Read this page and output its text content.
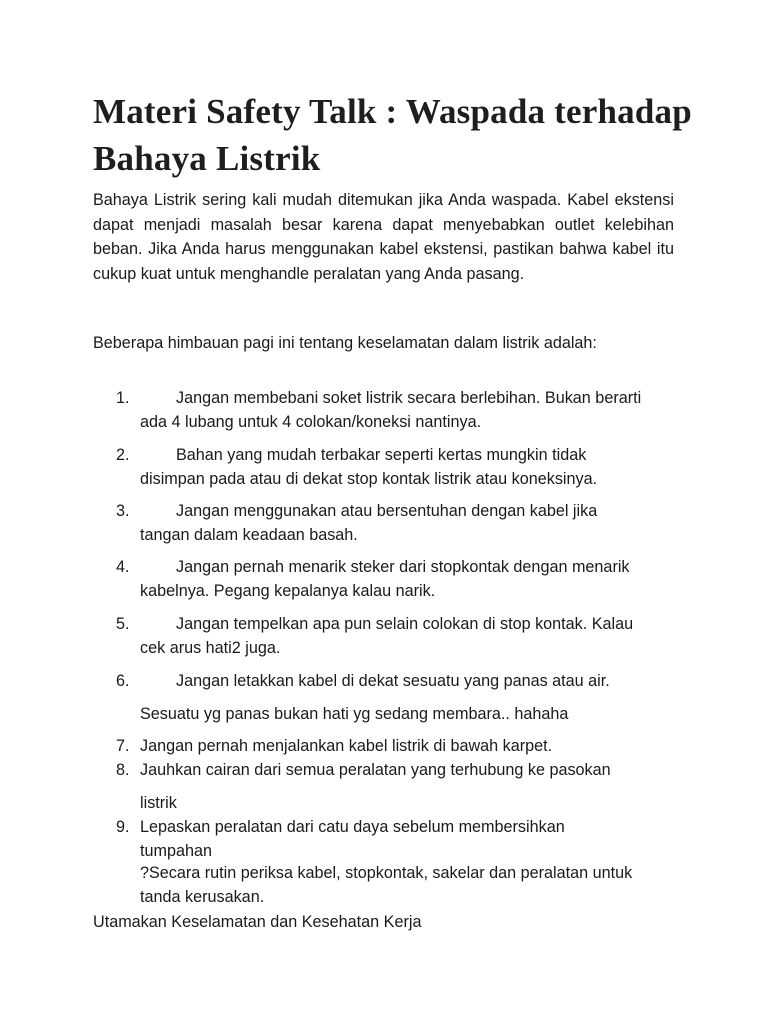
Materi Safety Talk : Waspada terhadap Bahaya Listrik

Bahaya Listrik sering kali mudah ditemukan jika Anda waspada. Kabel ekstensi dapat menjadi masalah besar karena dapat menyebabkan outlet kelebihan beban. Jika Anda harus menggunakan kabel ekstensi, pastikan bahwa kabel itu cukup kuat untuk menghandle peralatan yang Anda pasang.

Beberapa himbauan pagi ini tentang keselamatan dalam listrik adalah:

1.	Jangan membebani soket listrik secara berlebihan. Bukan berarti ada 4 lubang untuk 4 colokan/koneksi nantinya.
2.	Bahan yang mudah terbakar seperti kertas mungkin tidak disimpan pada atau di dekat stop kontak listrik atau koneksinya.
3.	Jangan menggunakan atau bersentuhan dengan kabel jika tangan dalam keadaan basah.
4.	Jangan pernah menarik steker dari stopkontak dengan menarik kabelnya. Pegang kepalanya kalau narik.
5.	Jangan tempelkan apa pun selain colokan di stop kontak. Kalau cek arus hati2 juga.
6.	Jangan letakkan kabel di dekat sesuatu yang panas atau air.
Sesuatu yg panas bukan hati yg sedang membara.. hahaha
7. Jangan pernah menjalankan kabel listrik di bawah karpet.
8. Jauhkan cairan dari semua peralatan yang terhubung ke pasokan
listrik
9. Lepaskan peralatan dari catu daya sebelum membersihkan tumpahan
?Secara rutin periksa kabel, stopkontak, sakelar dan peralatan untuk tanda kerusakan.
Utamakan Keselamatan dan Kesehatan Kerja
